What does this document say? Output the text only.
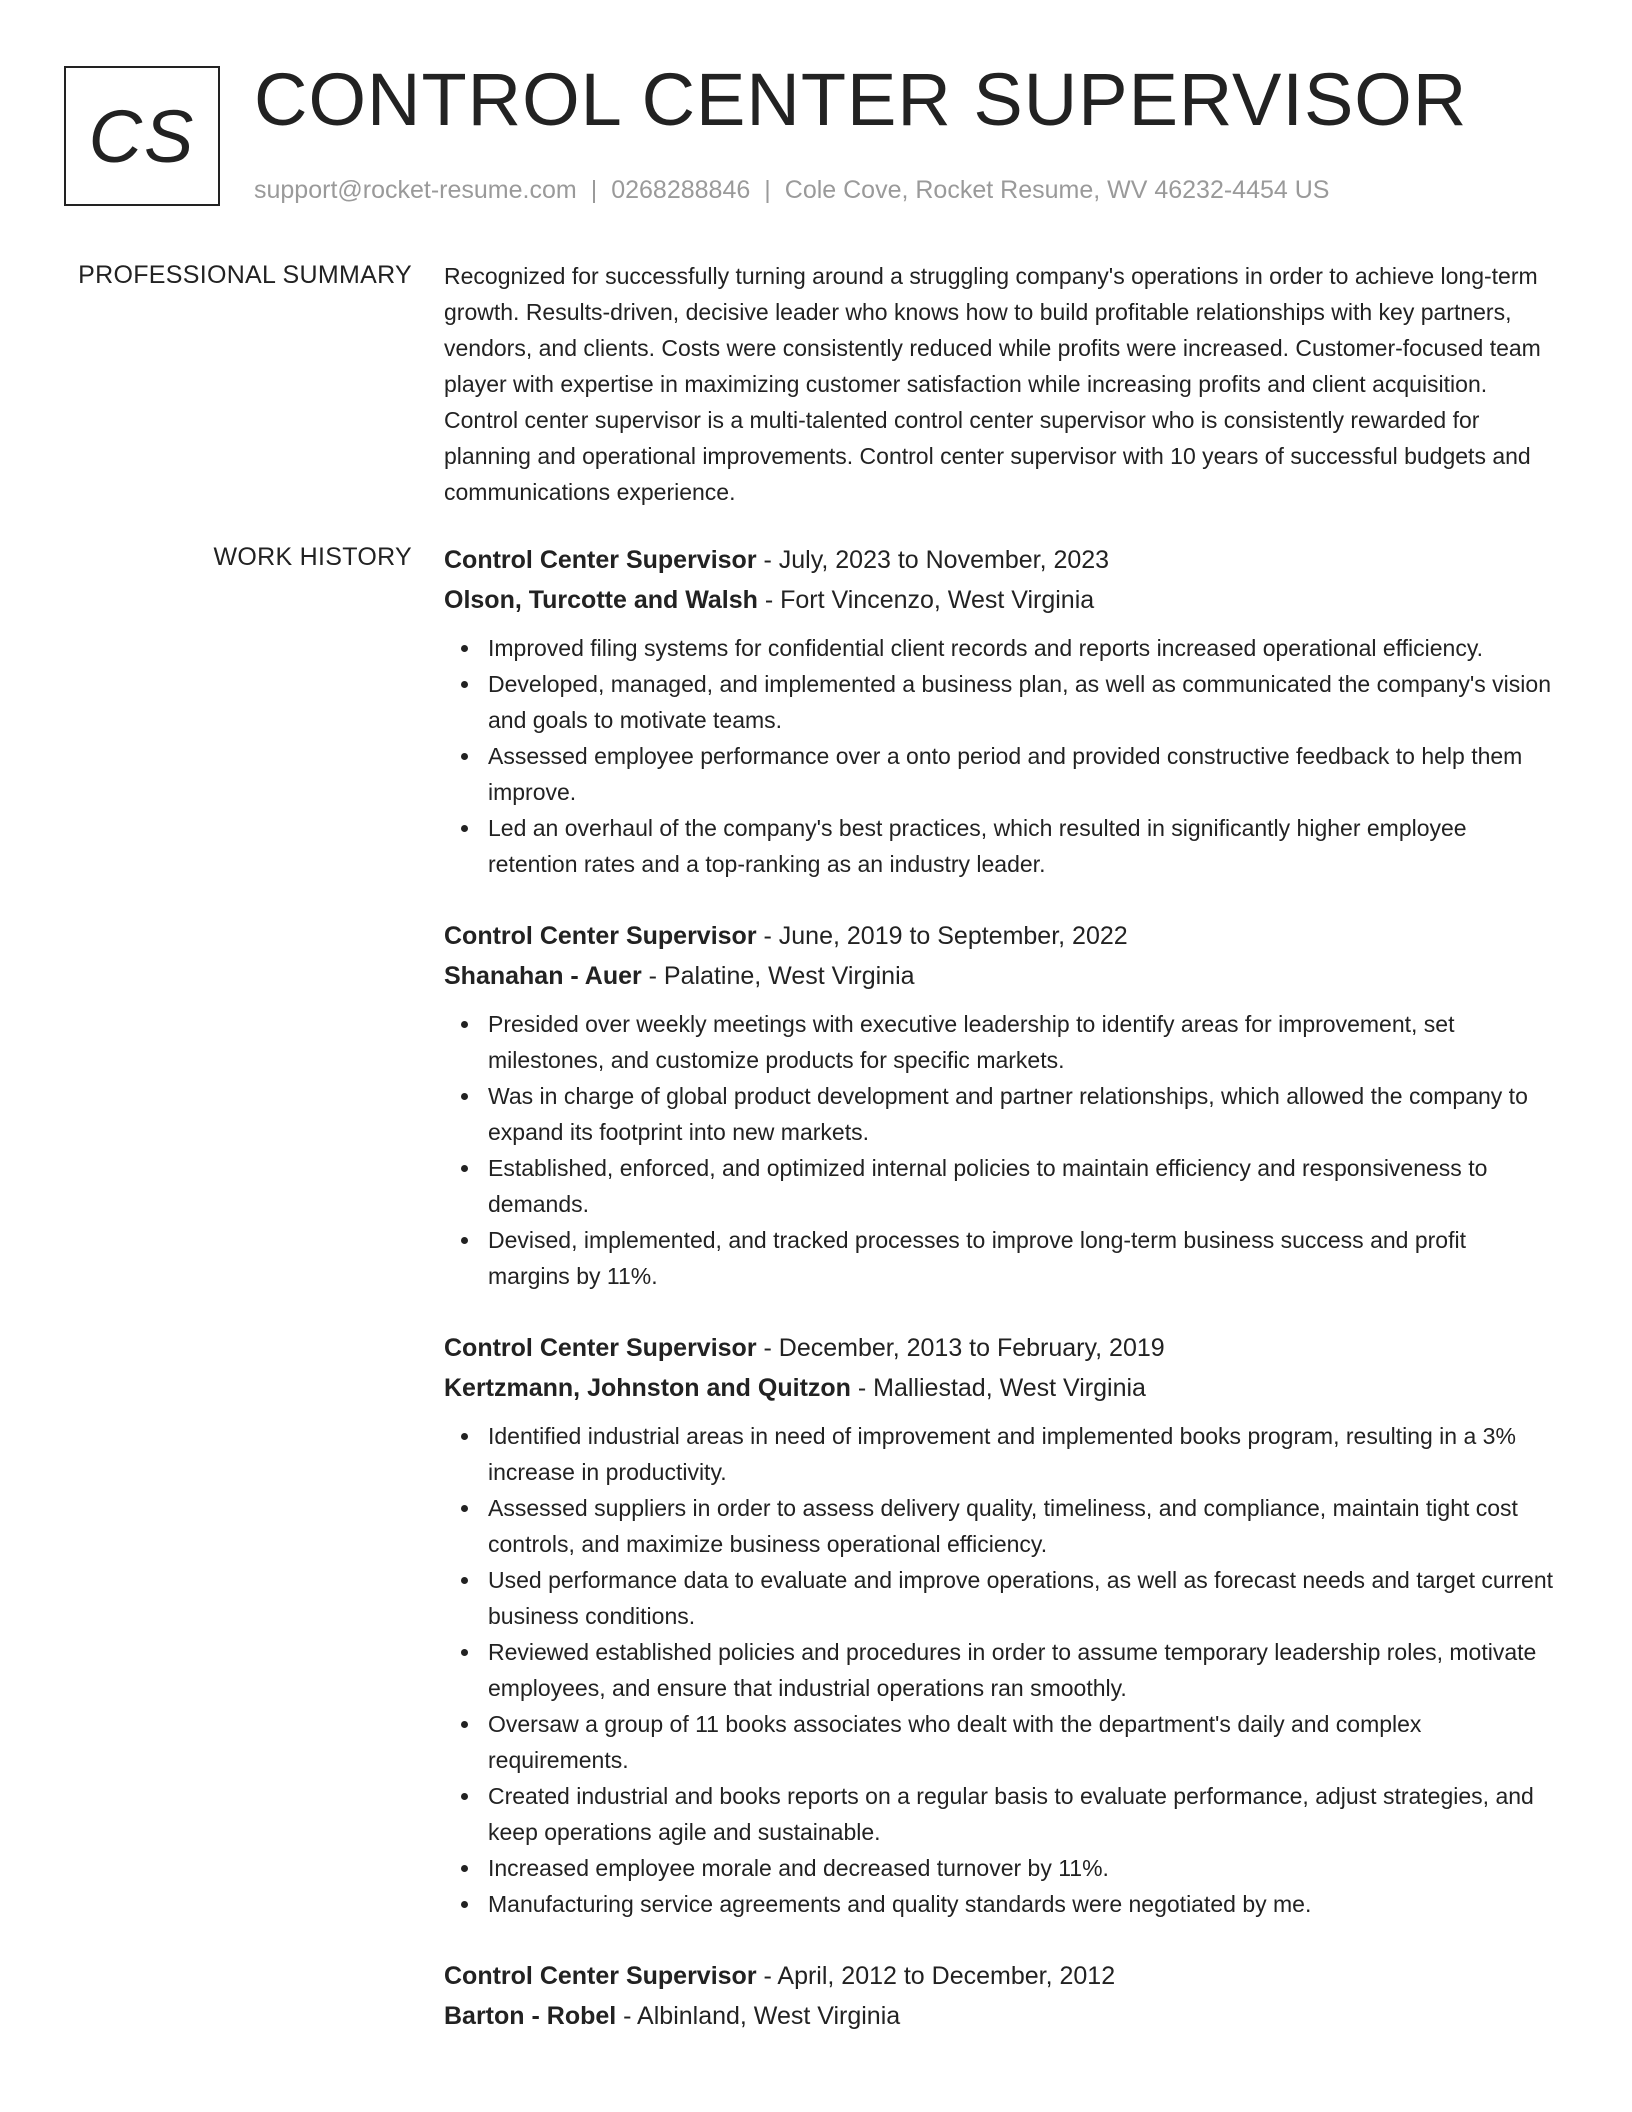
CS CONTROL CENTER SUPERVISOR
support@rocket-resume.com | 0268288846 | Cole Cove, Rocket Resume, WV 46232-4454 US
PROFESSIONAL SUMMARY Recognized for successfully turning around a struggling company's operations in order to achieve long-term growth. Results-driven, decisive leader who knows how to build profitable relationships with key partners, vendors, and clients. Costs were consistently reduced while profits were increased. Customer-focused team player with expertise in maximizing customer satisfaction while increasing profits and client acquisition. Control center supervisor is a multi-talented control center supervisor who is consistently rewarded for planning and operational improvements. Control center supervisor with 10 years of successful budgets and communications experience.

WORK HISTORY Control Center Supervisor - July, 2023 to November, 2023
Olson, Turcotte and Walsh - Fort Vincenzo, West Virginia
Improved filing systems for confidential client records and reports increased operational efficiency.
Developed, managed, and implemented a business plan, as well as communicated the company's vision and goals to motivate teams.
Assessed employee performance over a onto period and provided constructive feedback to help them improve.
Led an overhaul of the company's best practices, which resulted in significantly higher employee retention rates and a top-ranking as an industry leader.
Control Center Supervisor - June, 2019 to September, 2022
Shanahan - Auer - Palatine, West Virginia
Presided over weekly meetings with executive leadership to identify areas for improvement, set milestones, and customize products for specific markets.
Was in charge of global product development and partner relationships, which allowed the company to expand its footprint into new markets.
Established, enforced, and optimized internal policies to maintain efficiency and responsiveness to demands.
Devised, implemented, and tracked processes to improve long-term business success and profit margins by 11%.
Control Center Supervisor - December, 2013 to February, 2019
Kertzmann, Johnston and Quitzon - Malliestad, West Virginia
Identified industrial areas in need of improvement and implemented books program, resulting in a 3% increase in productivity.
Assessed suppliers in order to assess delivery quality, timeliness, and compliance, maintain tight cost controls, and maximize business operational efficiency.
Used performance data to evaluate and improve operations, as well as forecast needs and target current business conditions.
Reviewed established policies and procedures in order to assume temporary leadership roles, motivate employees, and ensure that industrial operations ran smoothly.
Oversaw a group of 11 books associates who dealt with the department's daily and complex requirements.
Created industrial and books reports on a regular basis to evaluate performance, adjust strategies, and keep operations agile and sustainable.
Increased employee morale and decreased turnover by 11%.
Manufacturing service agreements and quality standards were negotiated by me.
Control Center Supervisor - April, 2012 to December, 2012
Barton - Robel - Albinland, West Virginia
